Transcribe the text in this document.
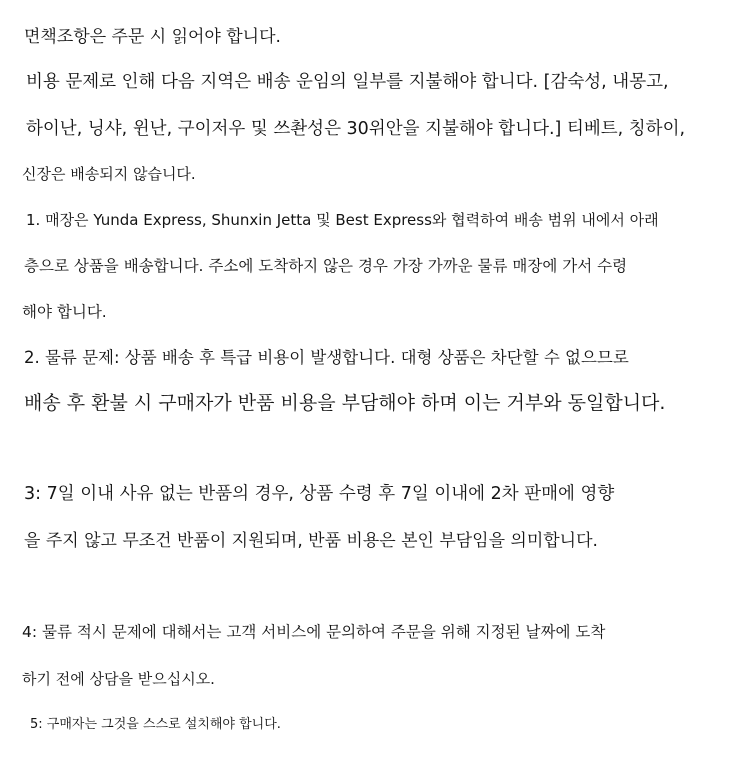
면책조항은 주문 시 읽어야 합니다.
비용 문제로 인해 다음 지역은 배송 운임의 일부를 지불해야 합니다. [감숙성, 내몽고,
하이난, 닝샤, 윈난, 구이저우 및 쓰촨성은 30위안을 지불해야 합니다.] 티베트, 칭하이,
신장은 배송되지 않습니다.
1. 매장은 Yunda Express, Shunxin Jetta 및 Best Express와 협력하여 배송 범위 내에서 아래
층으로 상품을 배송합니다. 주소에 도착하지 않은 경우 가장 가까운 물류 매장에 가서 수령
해야 합니다.
2. 물류 문제: 상품 배송 후 특급 비용이 발생합니다. 대형 상품은 차단할 수 없으므로
배송 후 환불 시 구매자가 반품 비용을 부담해야 하며 이는 거부와 동일합니다.
3: 7일 이내 사유 없는 반품의 경우, 상품 수령 후 7일 이내에 2차 판매에 영향
을 주지 않고 무조건 반품이 지원되며, 반품 비용은 본인 부담임을 의미합니다.
4: 물류 적시 문제에 대해서는 고객 서비스에 문의하여 주문을 위해 지정된 날짜에 도착
하기 전에 상담을 받으십시오.
5: 구매자는 그것을 스스로 설치해야 합니다.
